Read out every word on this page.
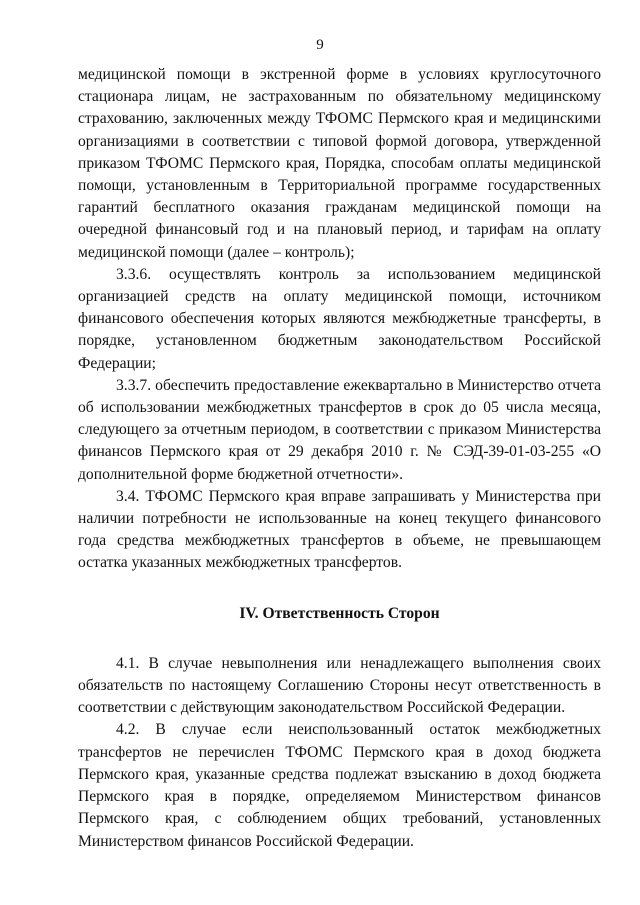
9

медицинской помощи в экстренной форме в условиях круглосуточного стационара лицам, не застрахованным по обязательному медицинскому страхованию, заключенных между ТФОМС Пермского края и медицинскими организациями в соответствии с типовой формой договора, утвержденной приказом ТФОМС Пермского края, Порядка, способам оплаты медицинской помощи, установленным в Территориальной программе государственных гарантий бесплатного оказания гражданам медицинской помощи на очередной финансовый год и на плановый период, и тарифам на оплату медицинской помощи (далее – контроль);

3.3.6. осуществлять контроль за использованием медицинской организацией средств на оплату медицинской помощи, источником финансового обеспечения которых являются межбюджетные трансферты, в порядке, установленном бюджетным законодательством Российской Федерации;

3.3.7. обеспечить предоставление ежеквартально в Министерство отчета об использовании межбюджетных трансфертов в срок до 05 числа месяца, следующего за отчетным периодом, в соответствии с приказом Министерства финансов Пермского края от 29 декабря 2010 г. № СЭД-39-01-03-255 «О дополнительной форме бюджетной отчетности».

3.4. ТФОМС Пермского края вправе запрашивать у Министерства при наличии потребности не использованные на конец текущего финансового года средства межбюджетных трансфертов в объеме, не превышающем остатка указанных межбюджетных трансфертов.

IV. Ответственность Сторон

4.1. В случае невыполнения или ненадлежащего выполнения своих обязательств по настоящему Соглашению Стороны несут ответственность в соответствии с действующим законодательством Российской Федерации.

4.2. В случае если неиспользованный остаток межбюджетных трансфертов не перечислен ТФОМС Пермского края в доход бюджета Пермского края, указанные средства подлежат взысканию в доход бюджета Пермского края в порядке, определяемом Министерством финансов Пермского края, с соблюдением общих требований, установленных Министерством финансов Российской Федерации.
